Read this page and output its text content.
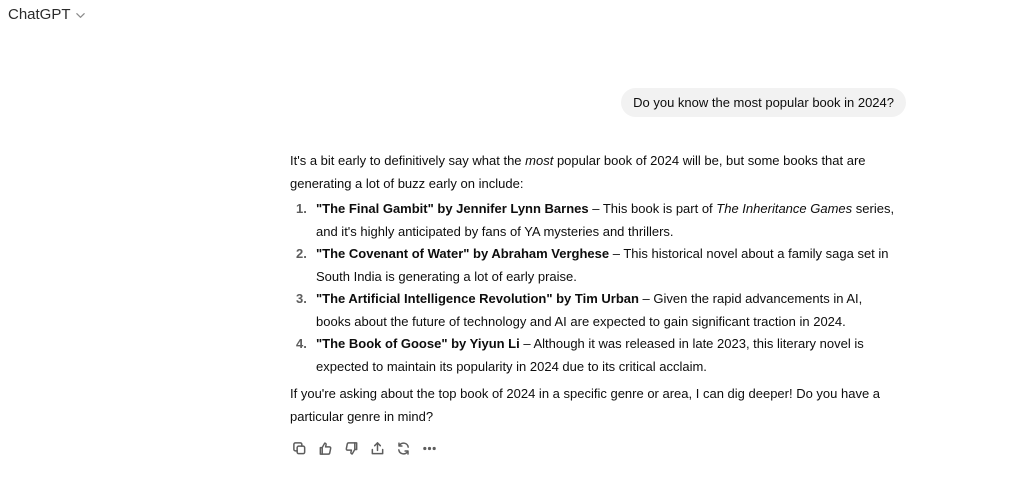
ChatGPT
Do you know the most popular book in 2024?

It's a bit early to definitively say what the most popular book of 2024 will be, but some books that are generating a lot of buzz early on include:

1. "The Final Gambit" by Jennifer Lynn Barnes – This book is part of The Inheritance Games series, and it's highly anticipated by fans of YA mysteries and thrillers.
2. "The Covenant of Water" by Abraham Verghese – This historical novel about a family saga set in South India is generating a lot of early praise.
3. "The Artificial Intelligence Revolution" by Tim Urban – Given the rapid advancements in AI, books about the future of technology and AI are expected to gain significant traction in 2024.
4. "The Book of Goose" by Yiyun Li – Although it was released in late 2023, this literary novel is expected to maintain its popularity in 2024 due to its critical acclaim.

If you're asking about the top book of 2024 in a specific genre or area, I can dig deeper! Do you have a particular genre in mind?
